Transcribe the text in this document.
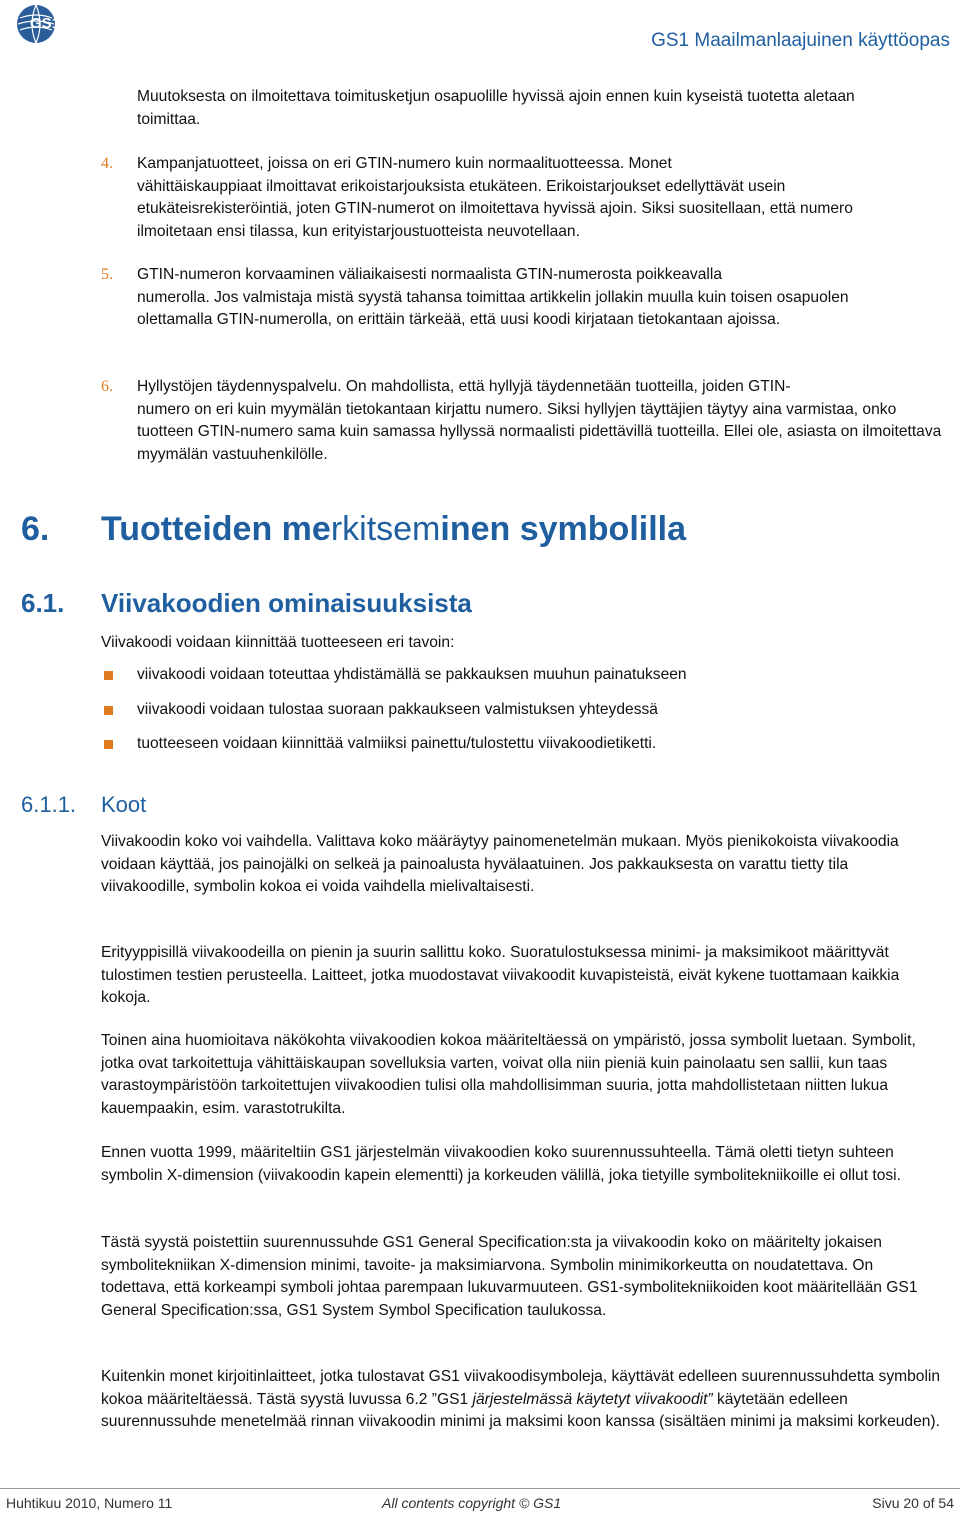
GS1
GS1 Maailmanlaajuinen käyttöopas

Muutoksesta on ilmoitettava toimitusketjun osapuolille hyvissä ajoin ennen kuin kyseistä tuotetta aletaan toimittaa.

4. Kampanjatuotteet, joissa on eri GTIN-numero kuin normaalituotteessa. Monet
vähittäiskauppiaat ilmoittavat erikoistarjouksista etukäteen. Erikoistarjoukset edellyttävät usein etukäteisrekisteröintiä, joten GTIN-numerot on ilmoitettava hyvissä ajoin. Siksi suositellaan, että numero ilmoitetaan ensi tilassa, kun erityistarjoustuotteista neuvotellaan.

5. GTIN-numeron korvaaminen väliaikaisesti normaalista GTIN-numerosta poikkeavalla
numerolla. Jos valmistaja mistä syystä tahansa toimittaa artikkelin jollakin muulla kuin toisen osapuolen olettamalla GTIN-numerolla, on erittäin tärkeää, että uusi koodi kirjataan tietokantaan ajoissa.

6. Hyllystöjen täydennyspalvelu. On mahdollista, että hyllyjä täydennetään tuotteilla, joiden GTIN-
numero on eri kuin myymälän tietokantaan kirjattu numero. Siksi hyllyjen täyttäjien täytyy aina varmistaa, onko tuotteen GTIN-numero sama kuin samassa hyllyssä normaalisti pidettävillä tuotteilla. Ellei ole, asiasta on ilmoitettava myymälän vastuuhenkilölle.

6. Tuotteiden merkitseminen symbolilla
6.1. Viivakoodien ominaisuuksista

Viivakoodi voidaan kiinnittää tuotteeseen eri tavoin:

viivakoodi voidaan toteuttaa yhdistämällä se pakkauksen muuhun painatukseen

viivakoodi voidaan tulostaa suoraan pakkaukseen valmistuksen yhteydessä

tuotteeseen voidaan kiinnittää valmiiksi painettu/tulostettu viivakoodietiketti.

6.1.1. Koot

Viivakoodin koko voi vaihdella. Valittava koko määräytyy painomenetelmän mukaan. Myös pienikokoista viivakoodia voidaan käyttää, jos painojälki on selkeä ja painoalusta hyvälaatuinen. Jos pakkauksesta on varattu tietty tila viivakoodille, symbolin kokoa ei voida vaihdella mielivaltaisesti.

Erityyppisillä viivakoodeilla on pienin ja suurin sallittu koko. Suoratulostuksessa minimi- ja maksimikoot määrittyvät tulostimen testien perusteella. Laitteet, jotka muodostavat viivakoodit kuvapisteistä, eivät kykene tuottamaan kaikkia kokoja.

Toinen aina huomioitava näkökohta viivakoodien kokoa määriteltäessä on ympäristö, jossa symbolit luetaan. Symbolit, jotka ovat tarkoitettuja vähittäiskaupan sovelluksia varten, voivat olla niin pieniä kuin painolaatu sen sallii, kun taas varastoympäristöön tarkoitettujen viivakoodien tulisi olla mahdollisimman suuria, jotta mahdollistetaan niitten lukua kauempaakin, esim. varastotrukilta.

Ennen vuotta 1999, määriteltiin GS1 järjestelmän viivakoodien koko suurennussuhteella. Tämä oletti tietyn suhteen symbolin X-dimension (viivakoodin kapein elementti) ja korkeuden välillä, joka tietyille symbolitekniikoille ei ollut tosi.

Tästä syystä poistettiin suurennussuhde GS1 General Specification:sta ja viivakoodin koko on määritelty jokaisen symbolitekniikan X-dimension minimi, tavoite- ja maksimiarvona. Symbolin minimikorkeutta on noudatettava. On todettava, että korkeampi symboli johtaa parempaan lukuvarmuuteen. GS1-symbolitekniikoiden koot määritellään GS1 General Specification:ssa, GS1 System Symbol Specification taulukossa.

Kuitenkin monet kirjoitinlaitteet, jotka tulostavat GS1 viivakoodisymboleja, käyttävät edelleen suurennussuhdetta symbolin kokoa määriteltäessä. Tästä syystä luvussa 6.2 ”GS1 järjestelmässä käytetyt viivakoodit” käytetään edelleen suurennussuhde menetelmää rinnan viivakoodin minimi ja maksimi koon kanssa (sisältäen minimi ja maksimi korkeuden).

Huhtikuu 2010, Numero 11	All contents copyright © GS1	Sivu 20 of 54
